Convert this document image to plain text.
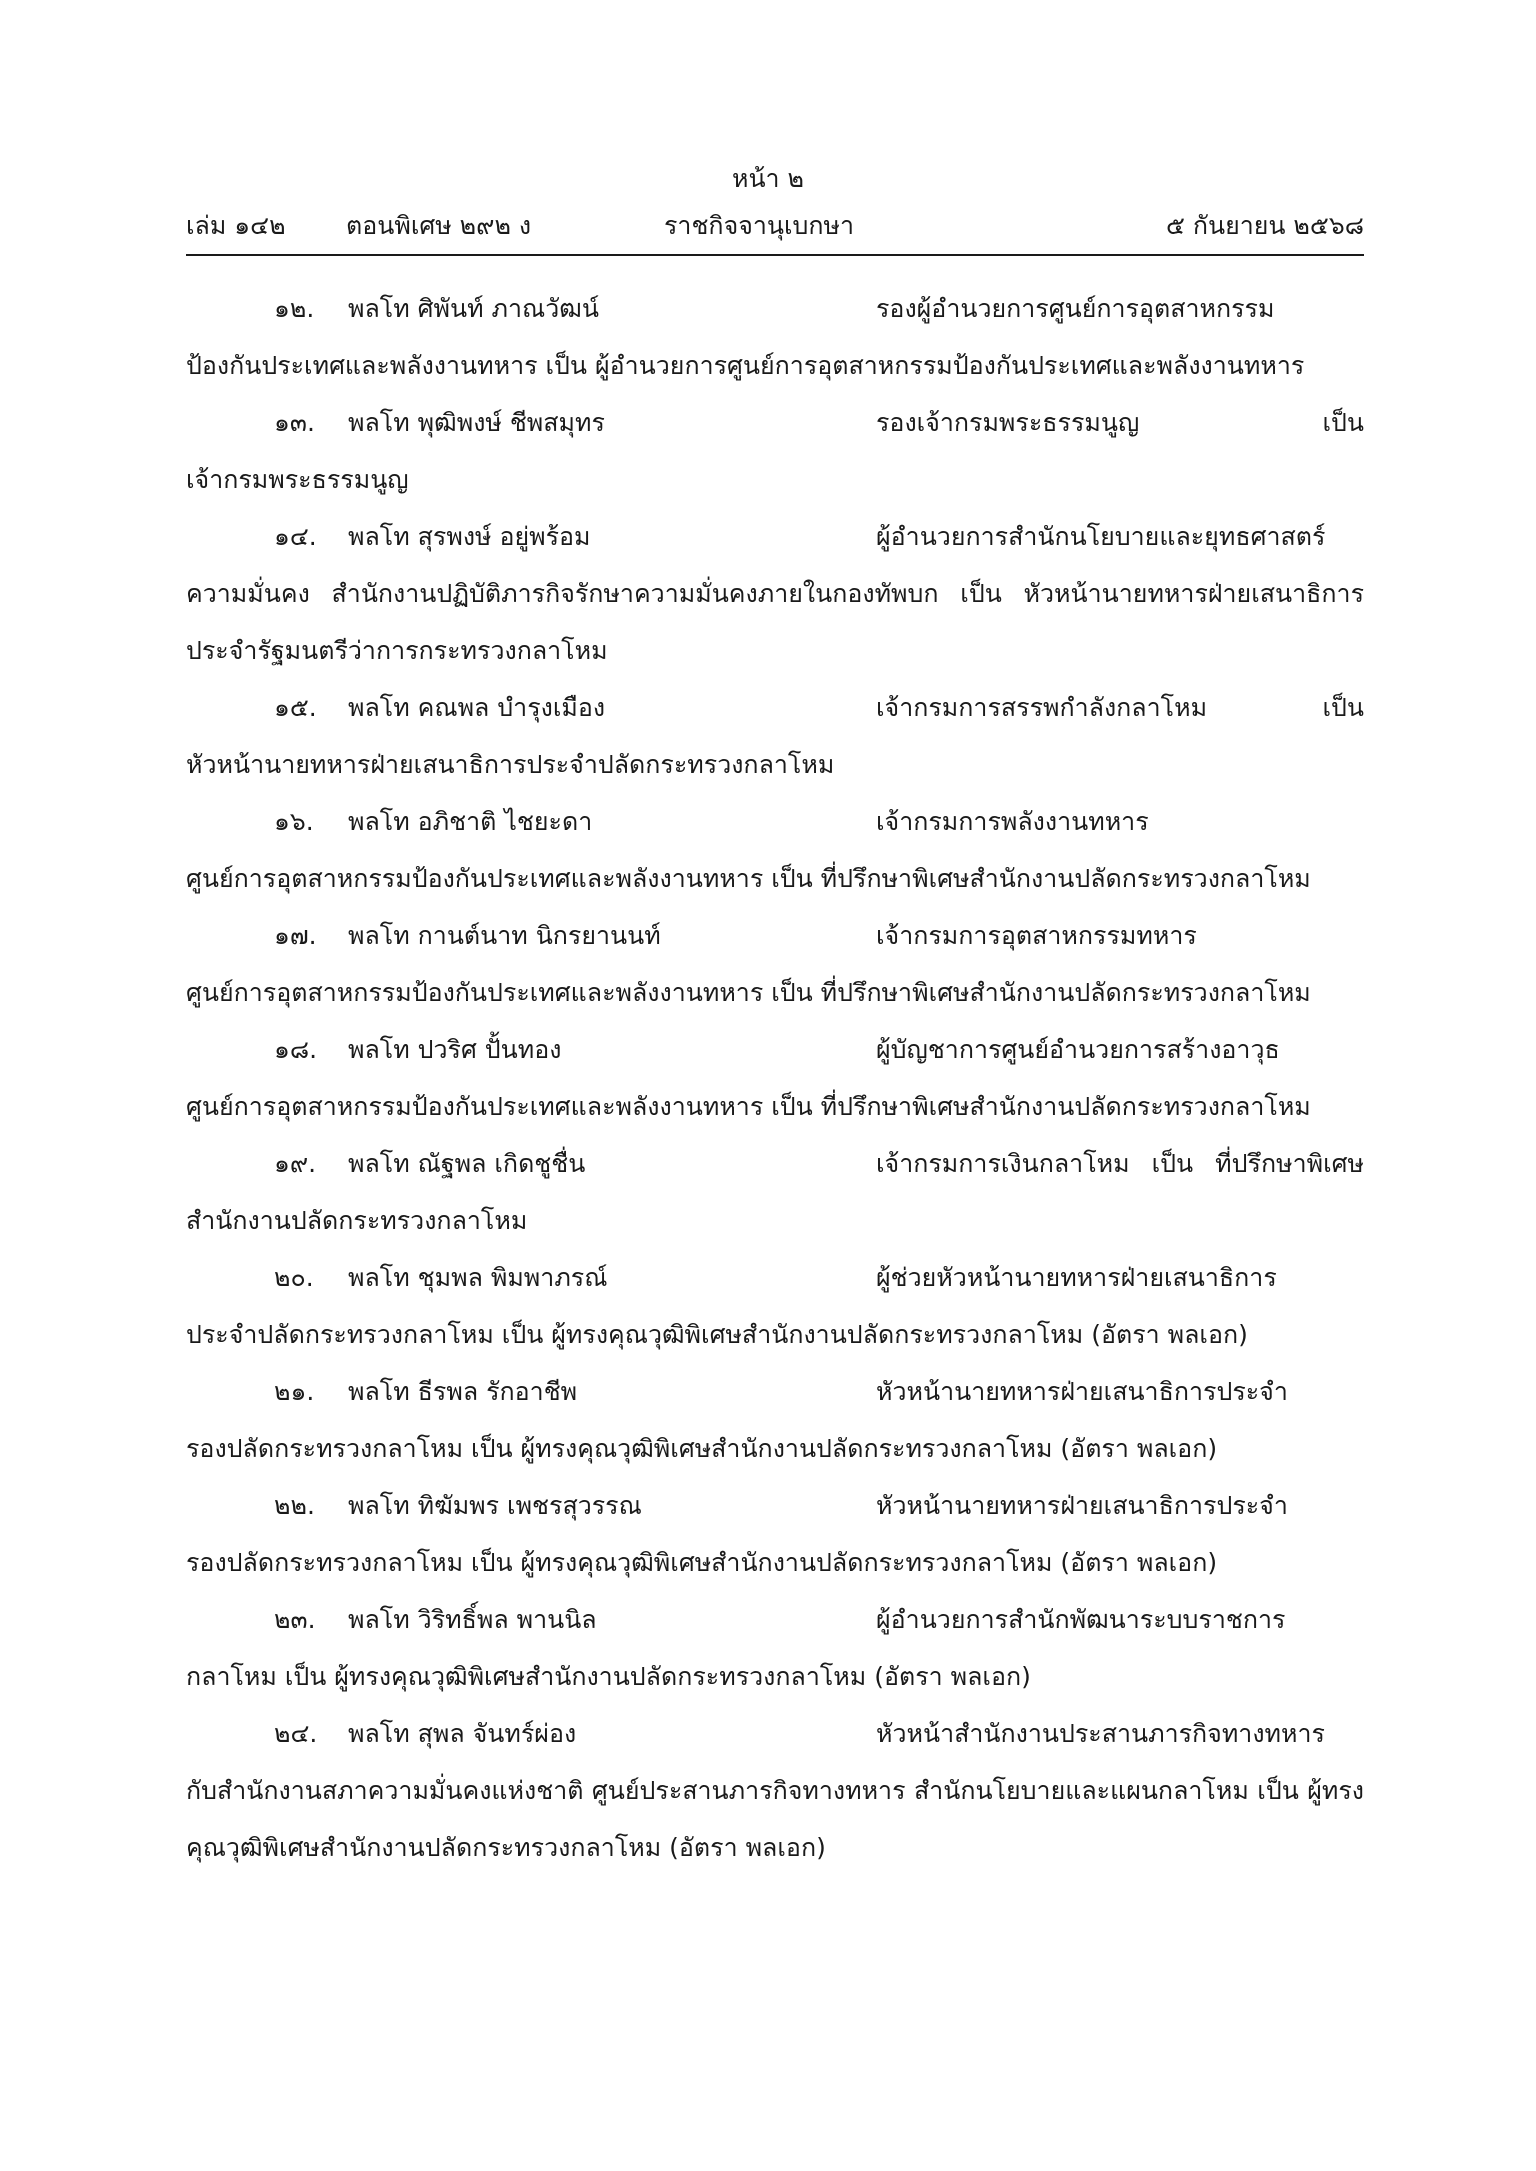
หน้า ๒
เล่ม ๑๔๒ ตอนพิเศษ ๒๙๒ ง	ราชกิจจานุเบกษา	๕ กันยายน ๒๕๖๘
๑๒. พลโท ศิพันท์ ภาณวัฒน์	รองผู้อำนวยการศูนย์การอุตสาหกรรม
ป้องกันประเทศและพลังงานทหาร เป็น ผู้อำนวยการศูนย์การอุตสาหกรรมป้องกันประเทศและพลังงานทหาร
๑๓. พลโท พุฒิพงษ์ ชีพสมุทร	รองเจ้ากรมพระธรรมนูญ เป็น
เจ้ากรมพระธรรมนูญ
๑๔. พลโท สุรพงษ์ อยู่พร้อม	ผู้อำนวยการสำนักนโยบายและยุทธศาสตร์
ความมั่นคง สำนักงานปฏิบัติภารกิจรักษาความมั่นคงภายในกองทัพบก เป็น หัวหน้านายทหารฝ่ายเสนาธิการประจำรัฐมนตรีว่าการกระทรวงกลาโหม
๑๕. พลโท คณพล บำรุงเมือง	เจ้ากรมการสรรพกำลังกลาโหม เป็น
หัวหน้านายทหารฝ่ายเสนาธิการประจำปลัดกระทรวงกลาโหม
๑๖. พลโท อภิชาติ ไชยะดา	เจ้ากรมการพลังงานทหาร
ศูนย์การอุตสาหกรรมป้องกันประเทศและพลังงานทหาร เป็น ที่ปรึกษาพิเศษสำนักงานปลัดกระทรวงกลาโหม
๑๗. พลโท กานต์นาท นิกรยานนท์	เจ้ากรมการอุตสาหกรรมทหาร
ศูนย์การอุตสาหกรรมป้องกันประเทศและพลังงานทหาร เป็น ที่ปรึกษาพิเศษสำนักงานปลัดกระทรวงกลาโหม
๑๘. พลโท ปวริศ ปั้นทอง	ผู้บัญชาการศูนย์อำนวยการสร้างอาวุธ
ศูนย์การอุตสาหกรรมป้องกันประเทศและพลังงานทหาร เป็น ที่ปรึกษาพิเศษสำนักงานปลัดกระทรวงกลาโหม
๑๙. พลโท ณัฐพล เกิดชูชื่น	เจ้ากรมการเงินกลาโหม เป็น ที่ปรึกษาพิเศษ
สำนักงานปลัดกระทรวงกลาโหม
๒๐. พลโท ชุมพล พิมพาภรณ์	ผู้ช่วยหัวหน้านายทหารฝ่ายเสนาธิการ
ประจำปลัดกระทรวงกลาโหม เป็น ผู้ทรงคุณวุฒิพิเศษสำนักงานปลัดกระทรวงกลาโหม (อัตรา พลเอก)
๒๑. พลโท ธีรพล รักอาชีพ	หัวหน้านายทหารฝ่ายเสนาธิการประจำ
รองปลัดกระทรวงกลาโหม เป็น ผู้ทรงคุณวุฒิพิเศษสำนักงานปลัดกระทรวงกลาโหม (อัตรา พลเอก)
๒๒. พลโท ทิฆัมพร เพชรสุวรรณ	หัวหน้านายทหารฝ่ายเสนาธิการประจำ
รองปลัดกระทรวงกลาโหม เป็น ผู้ทรงคุณวุฒิพิเศษสำนักงานปลัดกระทรวงกลาโหม (อัตรา พลเอก)
๒๓. พลโท วิริทธิ์พล พานนิล	ผู้อำนวยการสำนักพัฒนาระบบราชการ
กลาโหม เป็น ผู้ทรงคุณวุฒิพิเศษสำนักงานปลัดกระทรวงกลาโหม (อัตรา พลเอก)
๒๔. พลโท สุพล จันทร์ผ่อง	หัวหน้าสำนักงานประสานภารกิจทางทหาร
กับสำนักงานสภาความมั่นคงแห่งชาติ ศูนย์ประสานภารกิจทางทหาร สำนักนโยบายและแผนกลาโหม เป็น ผู้ทรงคุณวุฒิพิเศษสำนักงานปลัดกระทรวงกลาโหม (อัตรา พลเอก)
